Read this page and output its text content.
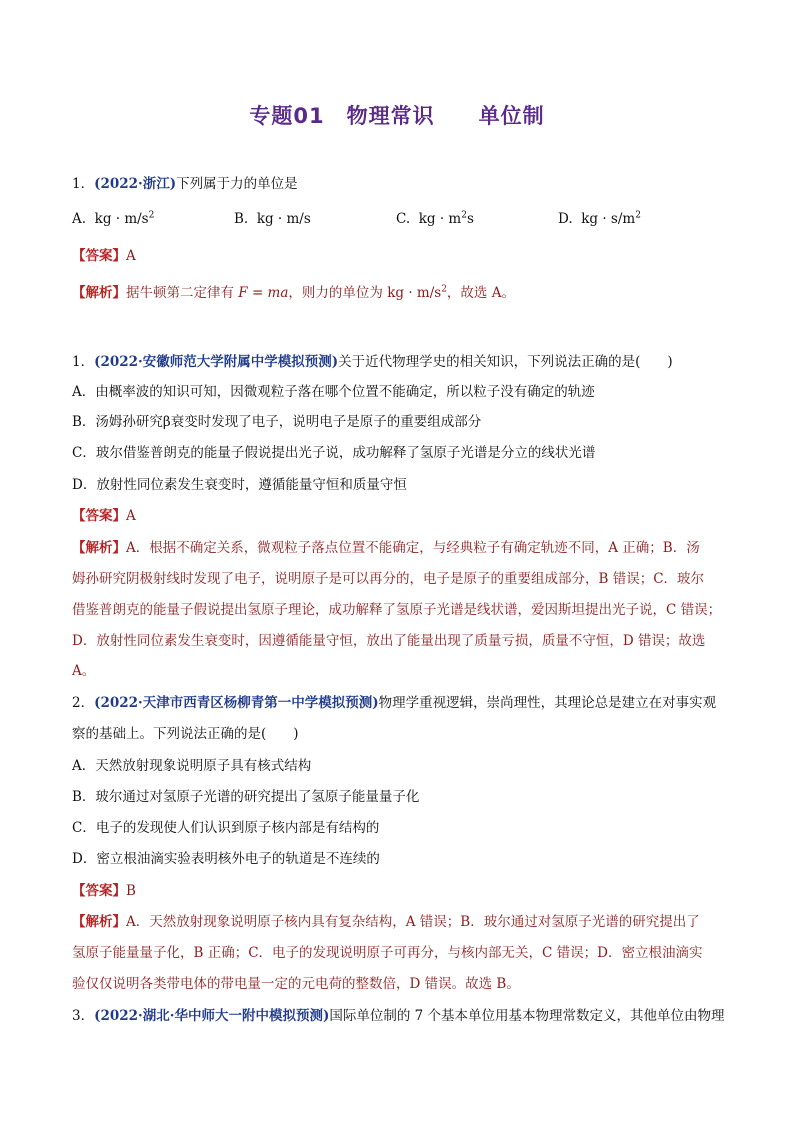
专题01　物理常识　　单位制
1．(2022·浙江)下列属于力的单位是
A. kg · $m/s^2$	B. kg · m/s	C. kg · $m^2s$	D. kg · $s/m^2$
【答案】A
【解析】据牛顿第二定律有 F = ma，则力的单位为 kg · $m/s^2$，故选 A。
1．(2022·安徽师范大学附属中学模拟预测)关于近代物理学史的相关知识，下列说法正确的是(　　)
A．由概率波的知识可知，因微观粒子落在哪个位置不能确定，所以粒子没有确定的轨迹
B．汤姆孙研究β衰变时发现了电子，说明电子是原子的重要组成部分
C．玻尔借鉴普朗克的能量子假说提出光子说，成功解释了氢原子光谱是分立的线状光谱
D．放射性同位素发生衰变时，遵循能量守恒和质量守恒
【答案】A
【解析】A．根据不确定关系，微观粒子落点位置不能确定，与经典粒子有确定轨迹不同，A 正确；B．汤
姆孙研究阴极射线时发现了电子，说明原子是可以再分的，电子是原子的重要组成部分，B 错误；C．玻尔
借鉴普朗克的能量子假说提出氢原子理论，成功解释了氢原子光谱是线状谱，爱因斯坦提出光子说，C 错误；
D．放射性同位素发生衰变时，因遵循能量守恒，放出了能量出现了质量亏损，质量不守恒，D 错误；故选
A。
2．(2022·天津市西青区杨柳青第一中学模拟预测)物理学重视逻辑，崇尚理性，其理论总是建立在对事实观
察的基础上。下列说法正确的是(　　)
A．天然放射现象说明原子具有核式结构
B．玻尔通过对氢原子光谱的研究提出了氢原子能量量子化
C．电子的发现使人们认识到原子核内部是有结构的
D．密立根油滴实验表明核外电子的轨道是不连续的
【答案】B
【解析】A．天然放射现象说明原子核内具有复杂结构，A 错误；B．玻尔通过对氢原子光谱的研究提出了
氢原子能量量子化，B 正确；C．电子的发现说明原子可再分，与核内部无关，C 错误；D．密立根油滴实
验仅仅说明各类带电体的带电量一定的元电荷的整数倍，D 错误。故选 B。
3．(2022·湖北·华中师大一附中模拟预测)国际单位制的 7 个基本单位用基本物理常数定义，其他单位由物理
